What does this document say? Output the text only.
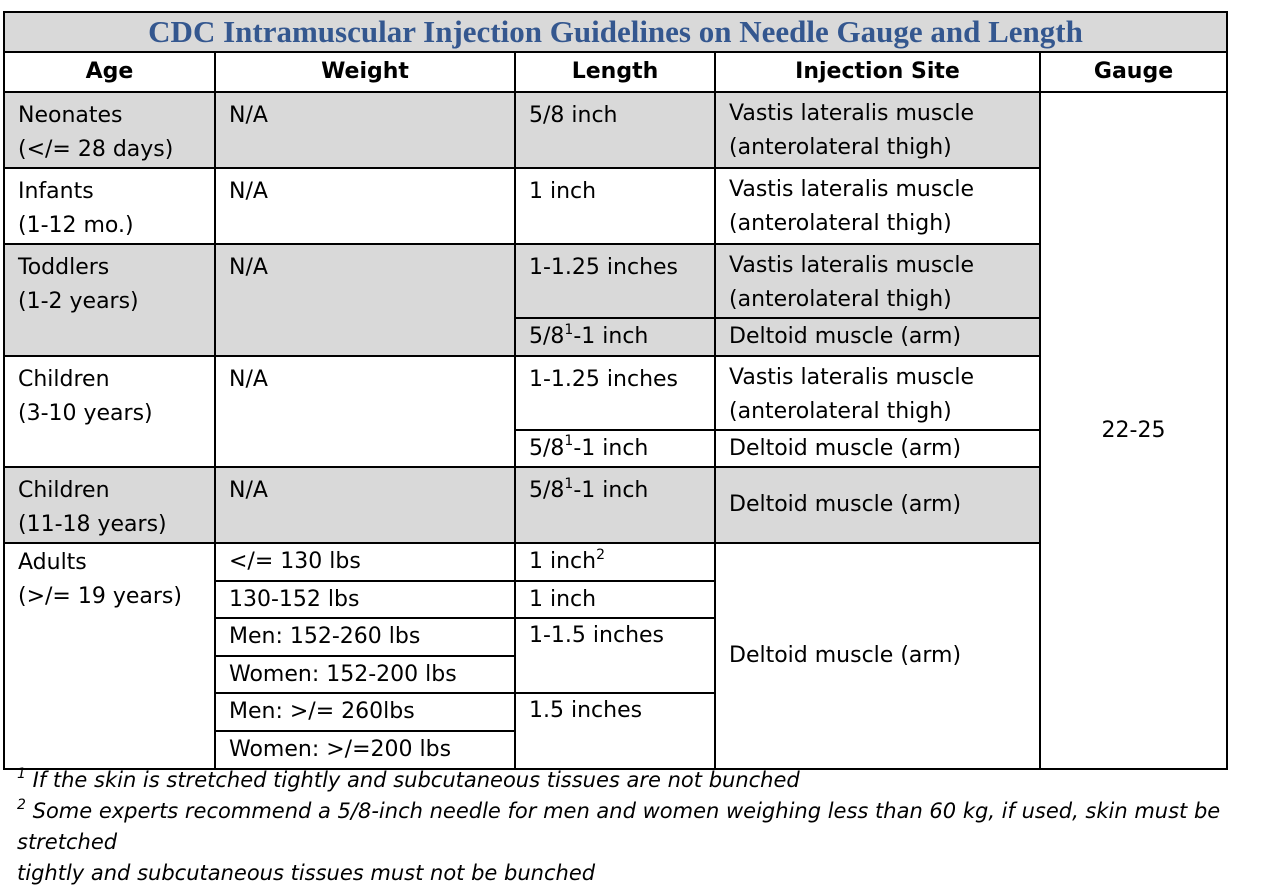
CDC Intramuscular Injection Guidelines on Needle Gauge and Length				
Age	Weight	Length	Injection Site	Gauge
Neonates
(</= 28 days)	N/A	5/8 inch	Vastis lateralis muscle
(anterolateral thigh)	22-25
Infants
(1-12 mo.)	N/A	1 inch	Vastis lateralis muscle
(anterolateral thigh)	
Toddlers
(1-2 years)	N/A	1-1.25 inches	Vastis lateralis muscle
(anterolateral thigh)	
		$5/8^1-1$ inch	Deltoid muscle (arm)	
Children
(3-10 years)	N/A	1-1.25 inches	Vastis lateralis muscle
(anterolateral thigh)	
		$5/8^1-1$ inch	Deltoid muscle (arm)	
Children
(11-18 years)	N/A	$5/8^1-1$ inch	Deltoid muscle (arm)	
Adults
(>/= 19 years)	</= 130 lbs	1 inch$^2$	Deltoid muscle (arm)	
	130-152 lbs	1 inch		
	Men: 152-260 lbs	1-1.5 inches		
	Women: 152-200 lbs			
	Men: >/= 260lbs	1.5 inches		
	Women: >/=200 lbs			

$^1$ If the skin is stretched tightly and subcutaneous tissues are not bunched

$^2$ Some experts recommend a 5/8-inch needle for men and women weighing less than 60 kg, if used, skin must be stretched
tightly and subcutaneous tissues must not be bunched
